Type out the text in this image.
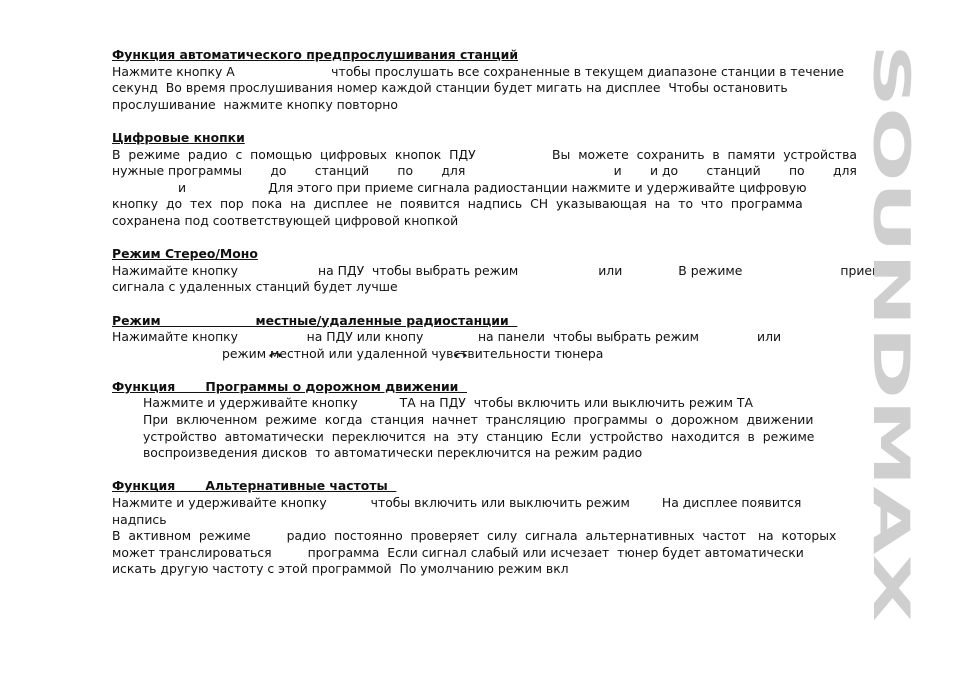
Функция автоматического предпрослушивания станций
Нажмите кнопку А	чтобы прослушать все сохраненные в текущем диапазоне станции в течение
секунд  Во время прослушивания номер каждой станции будет мигать на дисплее  Чтобы остановить
прослушивание  нажмите кнопку повторно
Цифровые кнопки
В  режиме  радио  с  помощью  цифровых  кнопок  ПДУ	Вы  можете  сохранить  в  памяти  устройства
нужные программы до станций по для	и и до станций по для
и	Для этого при приеме сигнала радиостанции нажмите и удерживайте цифровую
кнопку  до  тех  пор  пока  на  дисплее  не  появится  надпись  CH  указывающая  на  то  что  программа
сохранена под соответствующей цифровой кнопкой
Режим Стерео/Моно
Нажимайте кнопку	на ПДУ  чтобы выбрать режим	или	В режиме	прием
сигнала с удаленных станций будет лучше
Режим                      местные/удаленные радиостанции
Нажимайте кнопку

	на ПДУ или кнопу

	на панели  чтобы выбрать режим	или
режим местной или удаленной чувствительности тюнера
Функция       Программы о дорожном движении
Нажмите и удерживайте кнопку	ТА на ПДУ  чтобы включить или выключить режим ТА
При  включенном  режиме  когда  станция  начнет  трансляцию  программы  о  дорожном  движении
устройство  автоматически  переключится  на  эту  станцию  Если  устройство  находится  в  режиме
воспроизведения дисков  то автоматически переключится на режим радио
Функция       Альтернативные частоты
Нажмите и удерживайте кнопку	чтобы включить или выключить режим	На дисплее появится
надпись
В  активном  режиме	радио  постоянно  проверяет  силу  сигнала  альтернативных  частот   на  которых
может транслироваться	программа  Если сигнал слабый или исчезает  тюнер будет автоматически
искать другую частоту с этой программой  По умолчанию режим вкл
SOUNDMAX
